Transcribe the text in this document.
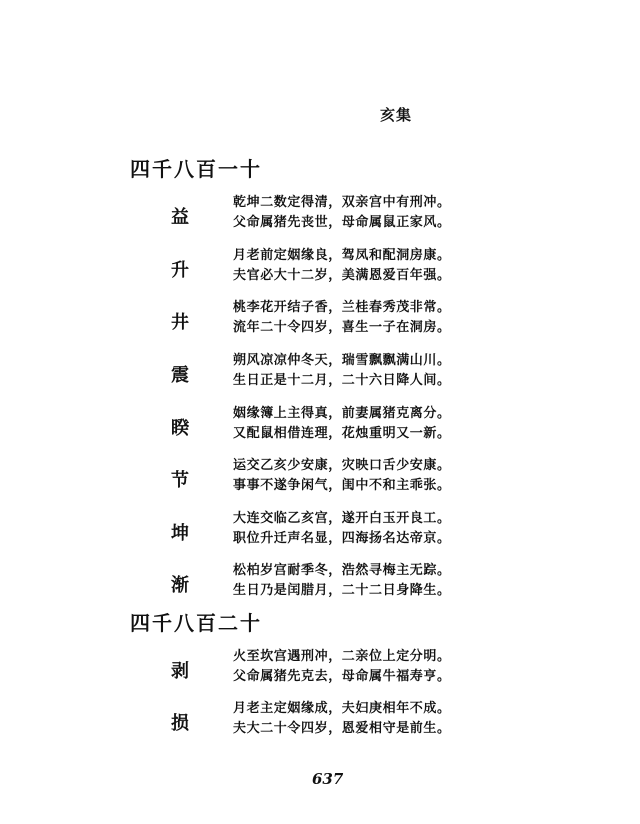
亥集
四千八百一十
益
乾坤二数定得清，双亲宫中有刑冲。
父命属猪先丧世，母命属鼠正家风。
升
月老前定姻缘良，驾凤和配洞房康。
夫官必大十二岁，美满恩爱百年强。
井
桃李花开结子香，兰桂春秀茂非常。
流年二十令四岁，喜生一子在洞房。
震
朔风凉凉仲冬天，瑞雪飘飘满山川。
生日正是十二月，二十六日降人间。
睽
姻缘簿上主得真，前妻属猪克离分。
又配鼠相借连理，花烛重明又一新。
节
运交乙亥少安康，灾映口舌少安康。
事事不遂争闲气，闺中不和主乖张。
坤
大连交临乙亥宫，遂开白玉开良工。
职位升迁声名显，四海扬名达帝京。
渐
松柏岁宫耐季冬，浩然寻梅主无踪。
生日乃是闰腊月，二十二日身降生。
四千八百二十
剥
火至坎宫遇刑冲，二亲位上定分明。
父命属猪先克去，母命属牛福寿亨。
损
月老主定姻缘成，夫妇庚相年不成。
夫大二十令四岁，恩爱相守是前生。
637
